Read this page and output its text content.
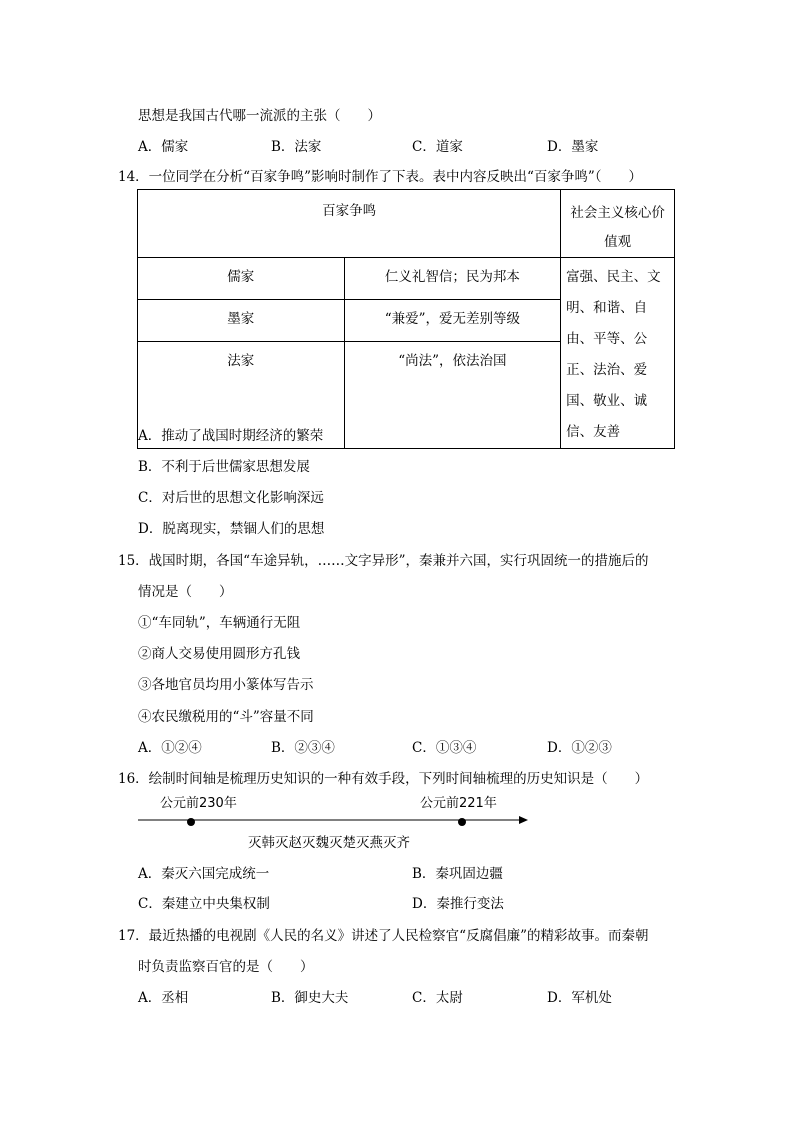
思想是我国古代哪一流派的主张（　　）
A．儒家	B．法家	C．道家	D．墨家
14．一位同学在分析“百家争鸣”影响时制作了下表。表中内容反映出“百家争鸣”（　　）
百家争鸣		社会主义核心价
值观

儒家	仁义礼智信；民为邦本	富强、民主、文明、和谐、自由、平等、公正、法治、爱国、敬业、诚信、友善

墨家	“兼爱”，爱无差别等级	

法家	“尚法”，依法治国	
A．推动了战国时期经济的繁荣
B．不利于后世儒家思想发展
C．对后世的思想文化影响深远
D．脱离现实，禁锢人们的思想
15．战国时期，各国“车途异轨，……文字异形”，秦兼并六国，实行巩固统一的措施后的
情况是（　　）
①“车同轨”，车辆通行无阻
②商人交易使用圆形方孔钱
③各地官员均用小篆体写告示
④农民缴税用的“斗”容量不同
A．①②④	B．②③④	C．①③④	D．①②③
16．绘制时间轴是梳理历史知识的一种有效手段，下列时间轴梳理的历史知识是（　　）
公元前230年	公元前221年
灭韩灭赵灭魏灭楚灭燕灭齐
A．秦灭六国完成统一	B．秦巩固边疆
C．秦建立中央集权制	D．秦推行变法
17．最近热播的电视剧《人民的名义》讲述了人民检察官“反腐倡廉”的精彩故事。而秦朝
时负责监察百官的是（　　）
A．丞相	B．御史大夫	C．太尉	D．军机处
